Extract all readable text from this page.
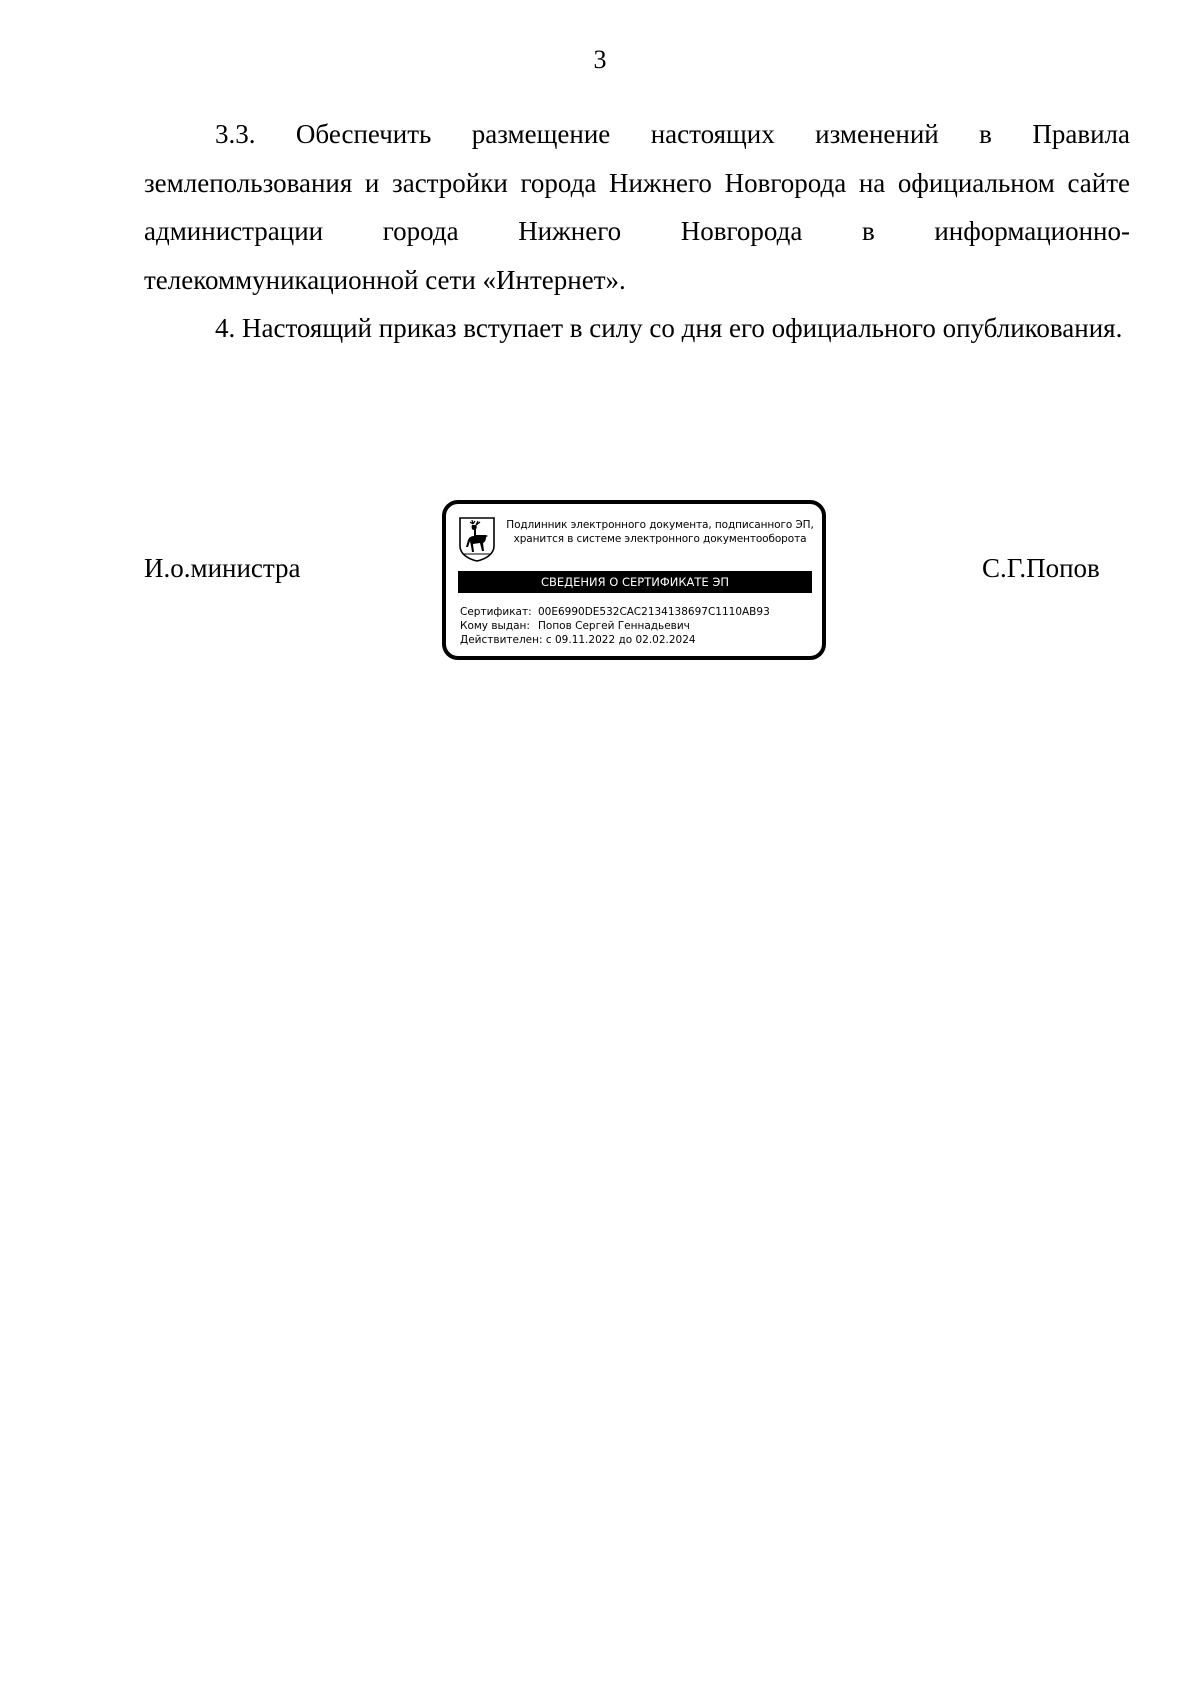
3

3.3. Обеспечить размещение настоящих изменений в Правила землепользования и застройки города Нижнего Новгорода на официальном сайте администрации города Нижнего Новгорода в информационно-телекоммуникационной сети «Интернет».

4. Настоящий приказ вступает в силу со дня его официального опубликования.

И.о.министра
Подлинник электронного документа, подписанного ЭП,
хранится в системе электронного документооборота
СВЕДЕНИЯ О СЕРТИФИКАТЕ ЭП
Сертификат: 00E6990DE532CAC2134138697C1110AB93
Кому выдан: Попов Сергей Геннадьевич
Действителен: с 09.11.2022 до 02.02.2024
С.Г.Попов
